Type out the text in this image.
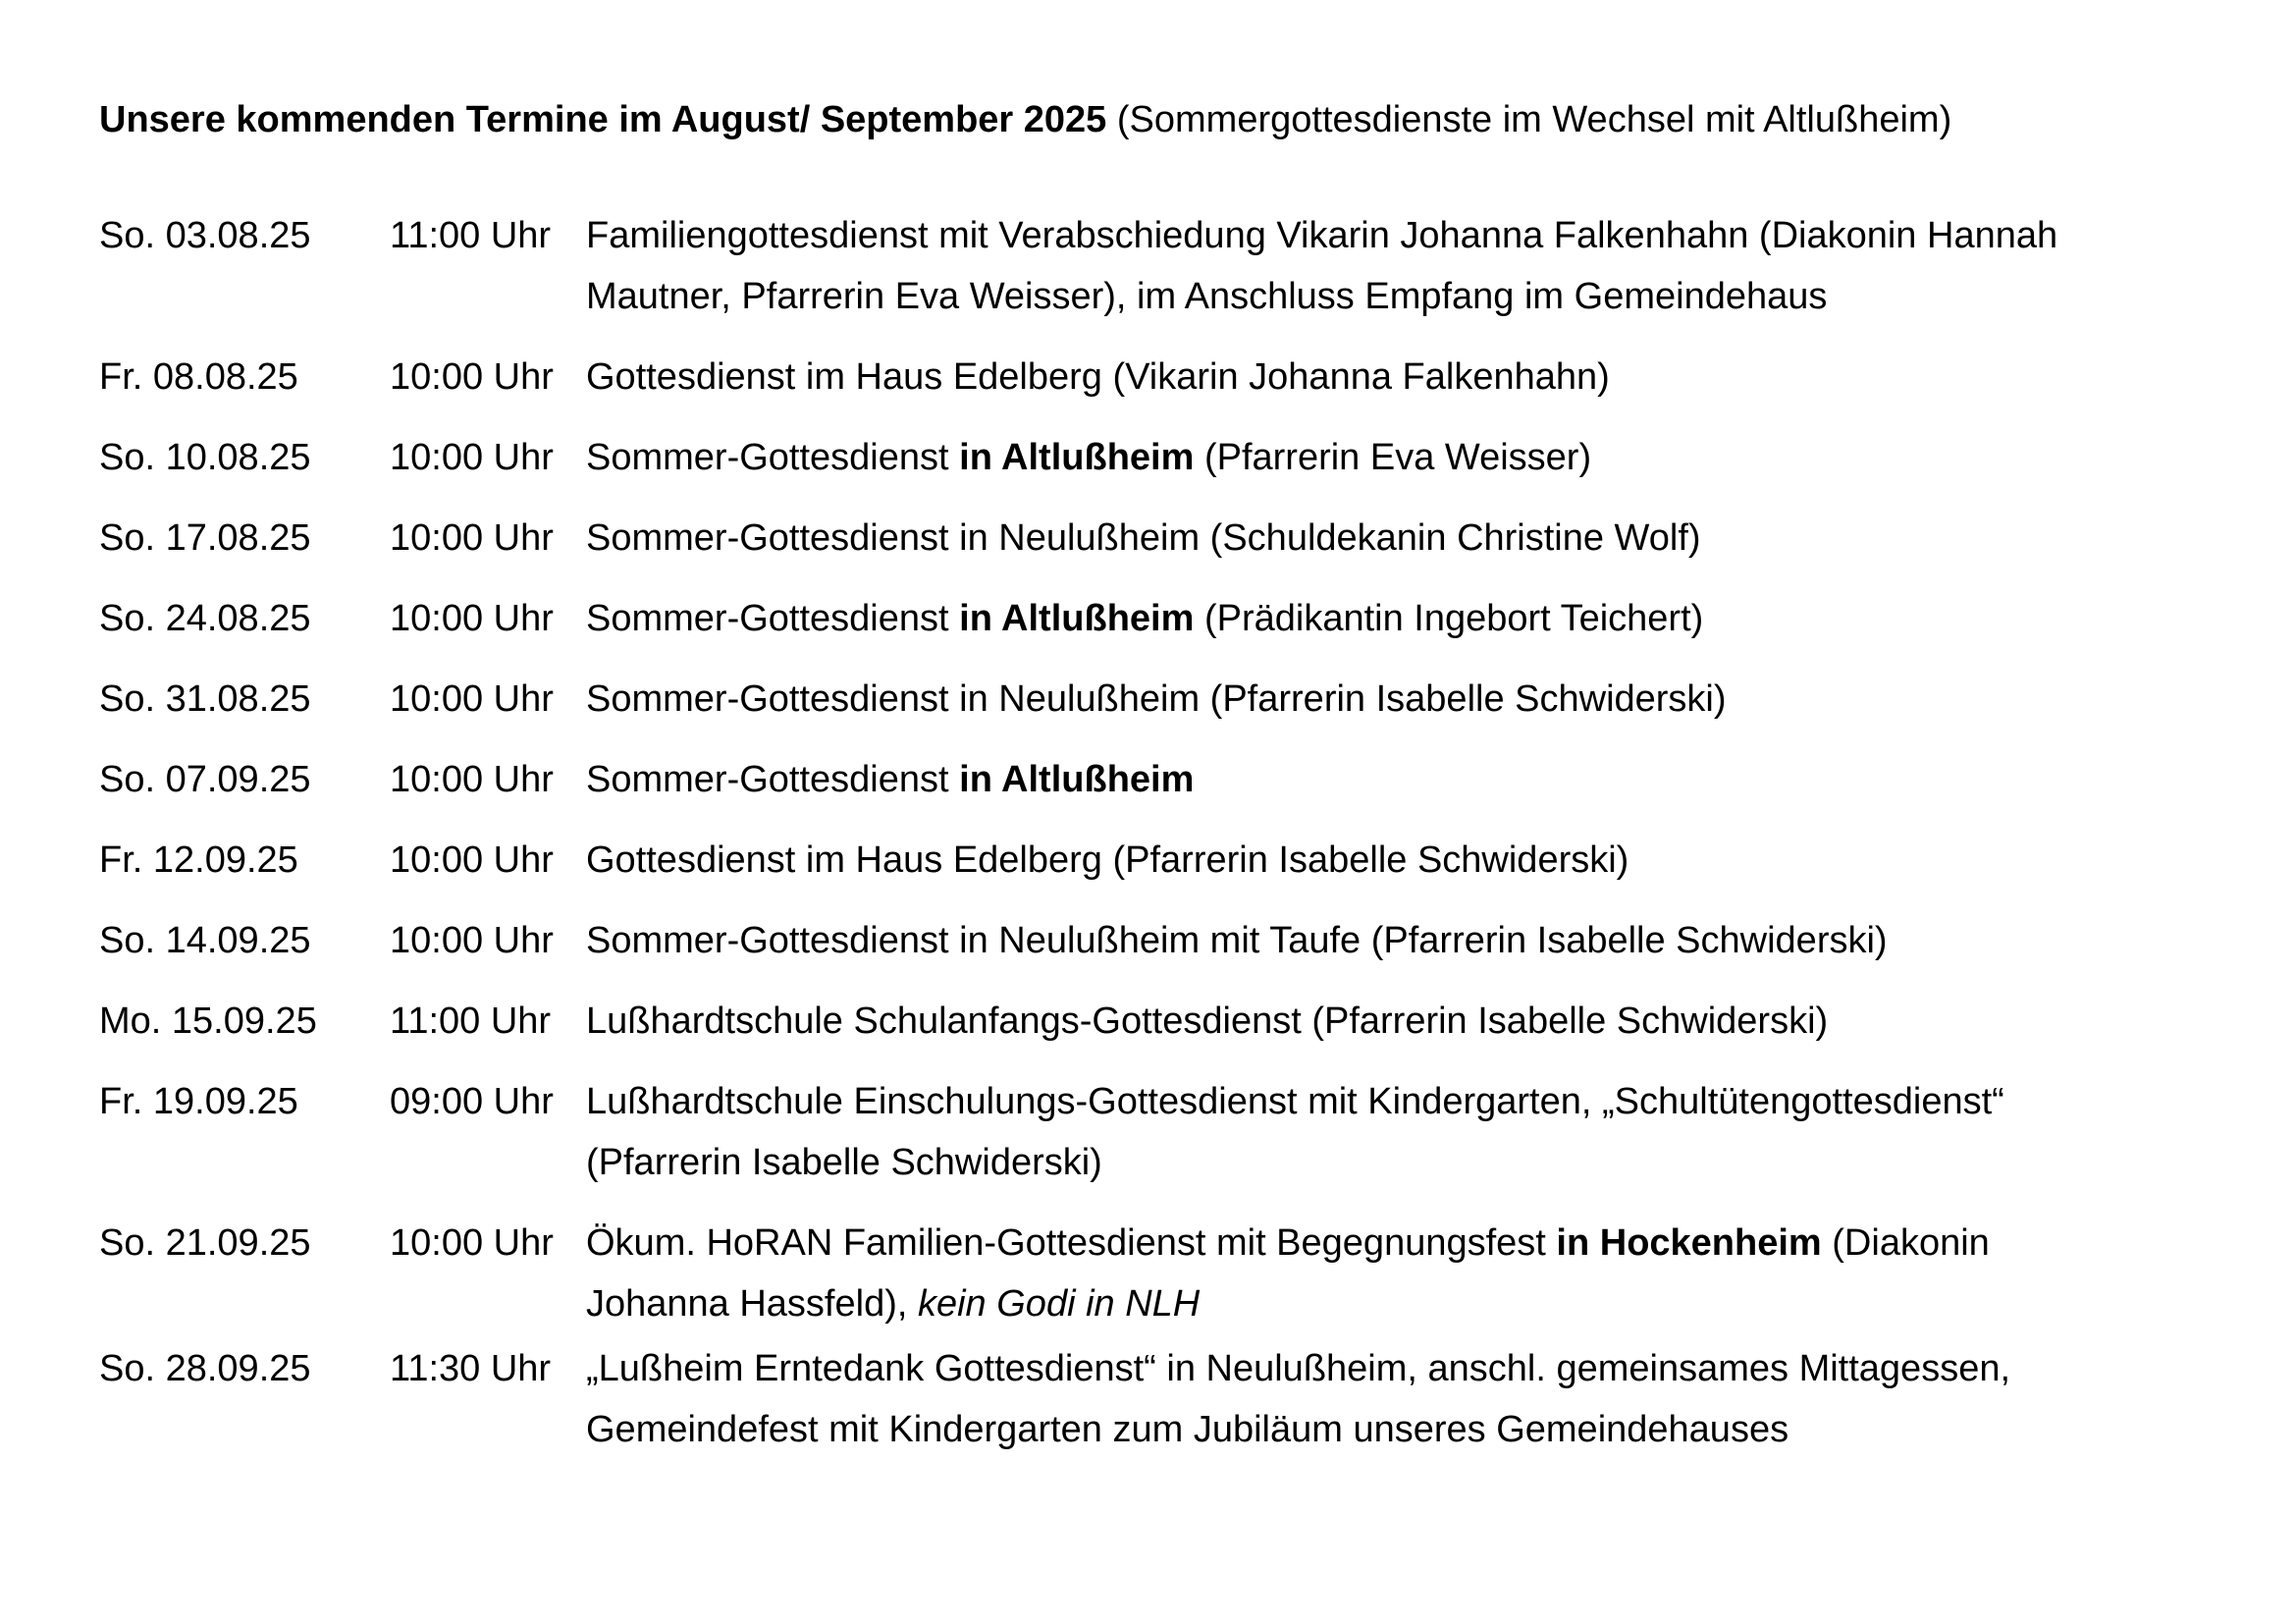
Unsere kommenden Termine im August/ September 2025 (Sommergottesdienste im Wechsel mit Altlußheim)
So. 03.08.25	11:00 Uhr Familiengottesdienst mit Verabschiedung Vikarin Johanna Falkenhahn (Diakonin Hannah
Mautner, Pfarrerin Eva Weisser), im Anschluss Empfang im Gemeindehaus
Fr. 08.08.25	10:00 Uhr Gottesdienst im Haus Edelberg (Vikarin Johanna Falkenhahn)
So. 10.08.25	10:00 Uhr Sommer-Gottesdienst in Altlußheim (Pfarrerin Eva Weisser)
So. 17.08.25	10:00 Uhr Sommer-Gottesdienst in Neulußheim (Schuldekanin Christine Wolf)
So. 24.08.25	10:00 Uhr Sommer-Gottesdienst in Altlußheim (Prädikantin Ingebort Teichert)
So. 31.08.25	10:00 Uhr Sommer-Gottesdienst in Neulußheim (Pfarrerin Isabelle Schwiderski)
So. 07.09.25	10:00 Uhr Sommer-Gottesdienst in Altlußheim
Fr. 12.09.25	10:00 Uhr Gottesdienst im Haus Edelberg (Pfarrerin Isabelle Schwiderski)
So. 14.09.25	10:00 Uhr Sommer-Gottesdienst in Neulußheim mit Taufe (Pfarrerin Isabelle Schwiderski)
Mo. 15.09.25	11:00 Uhr Lußhardtschule Schulanfangs-Gottesdienst (Pfarrerin Isabelle Schwiderski)
Fr. 19.09.25	09:00 Uhr Lußhardtschule Einschulungs-Gottesdienst mit Kindergarten, „Schultütengottesdienst“
(Pfarrerin Isabelle Schwiderski)
So. 21.09.25	10:00 Uhr Ökum. HoRAN Familien-Gottesdienst mit Begegnungsfest in Hockenheim (Diakonin
Johanna Hassfeld), kein Godi in NLH
So. 28.09.25	11:30 Uhr „Lußheim Erntedank Gottesdienst“ in Neulußheim, anschl. gemeinsames Mittagessen,
Gemeindefest mit Kindergarten zum Jubiläum unseres Gemeindehauses
